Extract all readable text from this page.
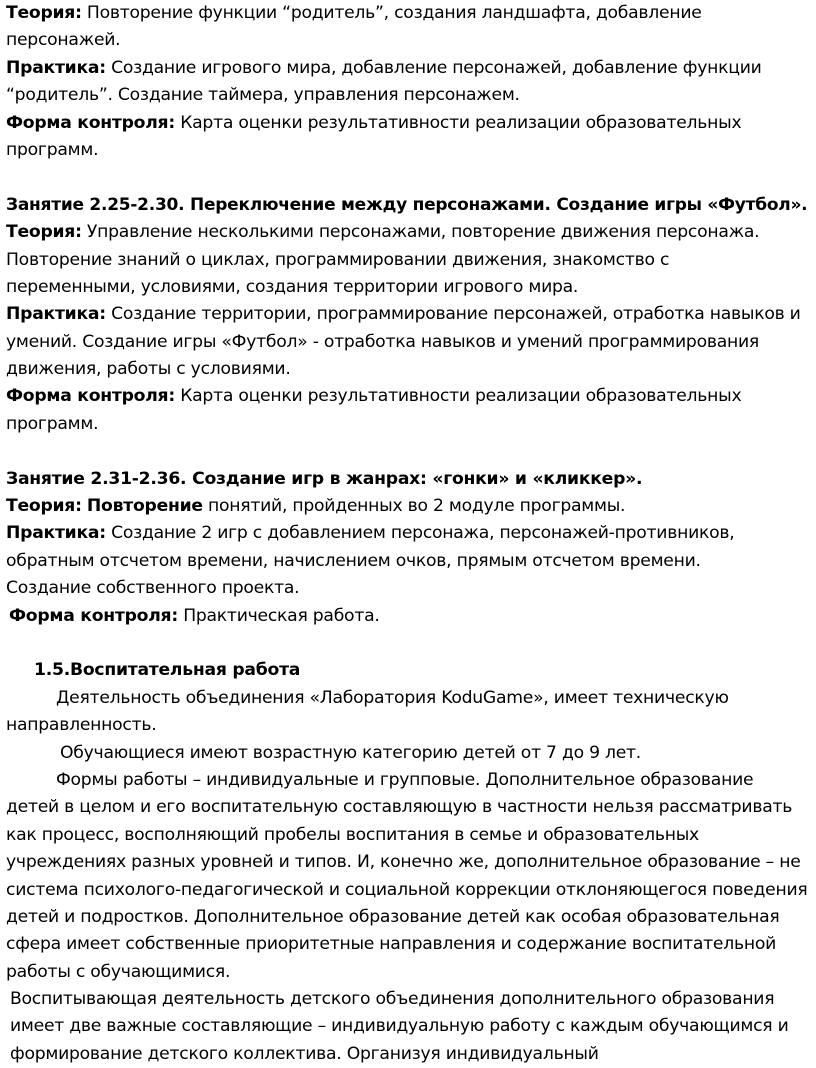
Теория: Повторение функции “родитель”, создания ландшафта, добавление
персонажей.
Практика: Создание игрового мира, добавление персонажей, добавление функции
“родитель”. Создание таймера, управления персонажем.
Форма контроля: Карта оценки результативности реализации образовательных
программ.
Занятие 2.25-2.30. Переключение между персонажами. Создание игры «Футбол».
Теория: Управление несколькими персонажами, повторение движения персонажа.
Повторение знаний о циклах, программировании движения, знакомство с
переменными, условиями, создания территории игрового мира.
Практика: Создание территории, программирование персонажей, отработка навыков и
умений. Создание игры «Футбол» - отработка навыков и умений программирования
движения, работы с условиями.
Форма контроля: Карта оценки результативности реализации образовательных
программ.
Занятие 2.31-2.36. Создание игр в жанрах: «гонки» и «кликкер».
Теория: Повторение понятий, пройденных во 2 модуле программы.
Практика: Создание 2 игр с добавлением персонажа, персонажей-противников,
обратным отсчетом времени, начислением очков, прямым отсчетом времени.
Создание собственного проекта.
Форма контроля: Практическая работа.
1.5.Воспитательная работа
Деятельность объединения «Лаборатория KoduGame», имеет техническую
направленность.
Обучающиеся имеют возрастную категорию детей от 7 до 9 лет.
Формы работы – индивидуальные и групповые. Дополнительное образование
детей в целом и его воспитательную составляющую в частности нельзя рассматривать
как процесс, восполняющий пробелы воспитания в семье и образовательных
учреждениях разных уровней и типов. И, конечно же, дополнительное образование – не
система психолого-педагогической и социальной коррекции отклоняющегося поведения
детей и подростков. Дополнительное образование детей как особая образовательная
сфера имеет собственные приоритетные направления и содержание воспитательной
работы с обучающимися.
Воспитывающая деятельность детского объединения дополнительного образования
имеет две важные составляющие – индивидуальную работу с каждым обучающимся и
формирование детского коллектива. Организуя индивидуальный
